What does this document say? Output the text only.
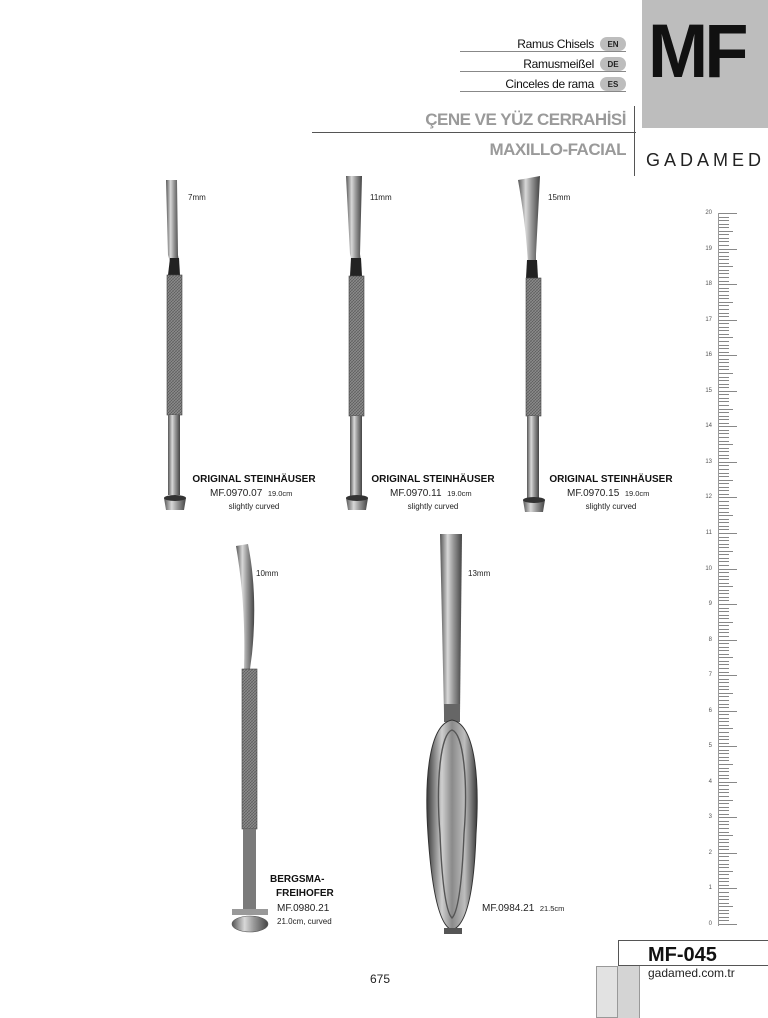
MF
Ramus Chisels	EN
Ramusmeißel	DE
Cinceles de rama	ES
ÇENE VE YÜZ CERRAHİSİ
MAXILLO-FACIAL
GADAMED
7mm
ORIGINAL STEINHÄUSER
MF.0970.07 19.0cm
slightly curved
11mm
ORIGINAL STEINHÄUSER
MF.0970.11 19.0cm
slightly curved
15mm
ORIGINAL STEINHÄUSER
MF.0970.15 19.0cm
slightly curved
10mm
BERGSMA-
FREIHOFER
MF.0980.21
21.0cm, curved
13mm
MF.0984.21 21.5cm
MF-045
gadamed.com.tr
675
20
19
18
17
16
15
14
13
12
11
10
9
8
7
6
5
4
3
2
1
0
